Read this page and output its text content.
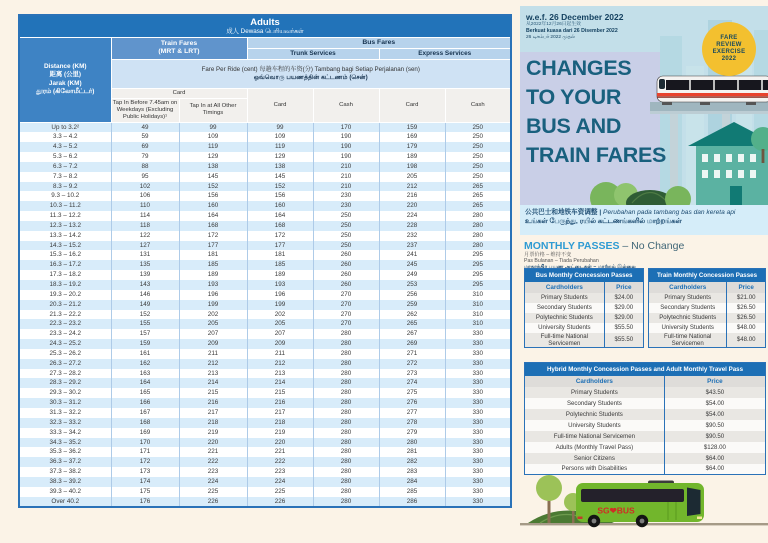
Adults
成人 Dewasa பெரியவர்கள்						

Distance (KM)
距离 (公里)
Jarak (KM)
தூரம் (கிலோமீட்டர்)	Train Fares
(MRT & LRT)		Bus Fares			
			Trunk Services		Express Services	
	Fare Per Ride (cent) 每趟车程的车资(分) Tambang bagi Setiap Perjalanan (sen)
ஒவ்வொரு பயணத்தின் கட்டணம் (சென்)					
	Card		Card	Cash	Card	Cash
	Tap In Before 7.45am on Weekdays (Excluding Public Holidays)¹	Tap In at All Other Timings				
Up to 3.2²	49	99	99	170	159	250
3.3 – 4.2	59	109	109	190	169	250
4.3 – 5.2	69	119	119	190	179	250
5.3 – 6.2	79	129	129	190	189	250
6.3 – 7.2	88	138	138	210	198	250
7.3 – 8.2	95	145	145	210	205	250
8.3 – 9.2	102	152	152	210	212	265
9.3 – 10.2	106	156	156	230	216	265
10.3 – 11.2	110	160	160	230	220	265
11.3 – 12.2	114	164	164	250	224	280
12.3 – 13.2	118	168	168	250	228	280
13.3 – 14.2	122	172	172	250	232	280
14.3 – 15.2	127	177	177	250	237	280
15.3 – 16.2	131	181	181	260	241	295
16.3 – 17.2	135	185	185	260	245	295
17.3 – 18.2	139	189	189	260	249	295
18.3 – 19.2	143	193	193	260	253	295
19.3 – 20.2	146	196	196	270	256	310
20.3 – 21.2	149	199	199	270	259	310
21.3 – 22.2	152	202	202	270	262	310
22.3 – 23.2	155	205	205	270	265	310
23.3 – 24.2	157	207	207	280	267	330
24.3 – 25.2	159	209	209	280	269	330
25.3 – 26.2	161	211	211	280	271	330
26.3 – 27.2	162	212	212	280	272	330
27.3 – 28.2	163	213	213	280	273	330
28.3 – 29.2	164	214	214	280	274	330
29.3 – 30.2	165	215	215	280	275	330
30.3 – 31.2	166	216	216	280	276	330
31.3 – 32.2	167	217	217	280	277	330
32.3 – 33.2	168	218	218	280	278	330
33.3 – 34.2	169	219	219	280	279	330
34.3 – 35.2	170	220	220	280	280	330
35.3 – 36.2	171	221	221	280	281	330
36.3 – 37.2	172	222	222	280	282	330
37.3 – 38.2	173	223	223	280	283	330
38.3 – 39.2	174	224	224	280	284	330
39.3 – 40.2	175	225	225	280	285	330
Over 40.2	176	226	226	280	286	330
w.e.f. 26 December 2022
从2022年12月26日起生效
Berkuat kuasa dari 26 Disember 2022
26 டிசம்பர் 2022 முதல்	FARE
REVIEW
EXERCISE
2022
CHANGES
TO YOUR
BUS AND
TRAIN FARES
公共巴士和地铁车资调整 | Perubahan pada tambang bas dan kereta api
உங்கள் பேருந்து, ரயில் கட்டணங்களில் மாற்றங்கள்
MONTHLY PASSES – No Change
月票价格 – 维持不变
Pas Bulanan – Tiada Perubahan
Bus Monthly Concession Passes	
Cardholders	Price
Primary Students	$24.00
Secondary Students	$29.00
Polytechnic Students	$29.00
University Students	$55.50
Full-time National Servicemen	$55.50
Train Monthly Concession Passes	
Cardholders	Price
Primary Students	$21.00
Secondary Students	$26.50
Polytechnic Students	$26.50
University Students	$48.00
Full-time National Servicemen	$48.00
Hybrid Monthly Concession Passes and Adult Monthly Travel Pass	
Cardholders	Price
Primary Students	$43.50
Secondary Students	$54.00
Polytechnic Students	$54.00
University Students	$90.50
Full-time National Servicemen	$90.50
Adults (Monthly Travel Pass)	$128.00
Senior Citizens	$64.00
Persons with Disabilities	$64.00
SG❤BUS
